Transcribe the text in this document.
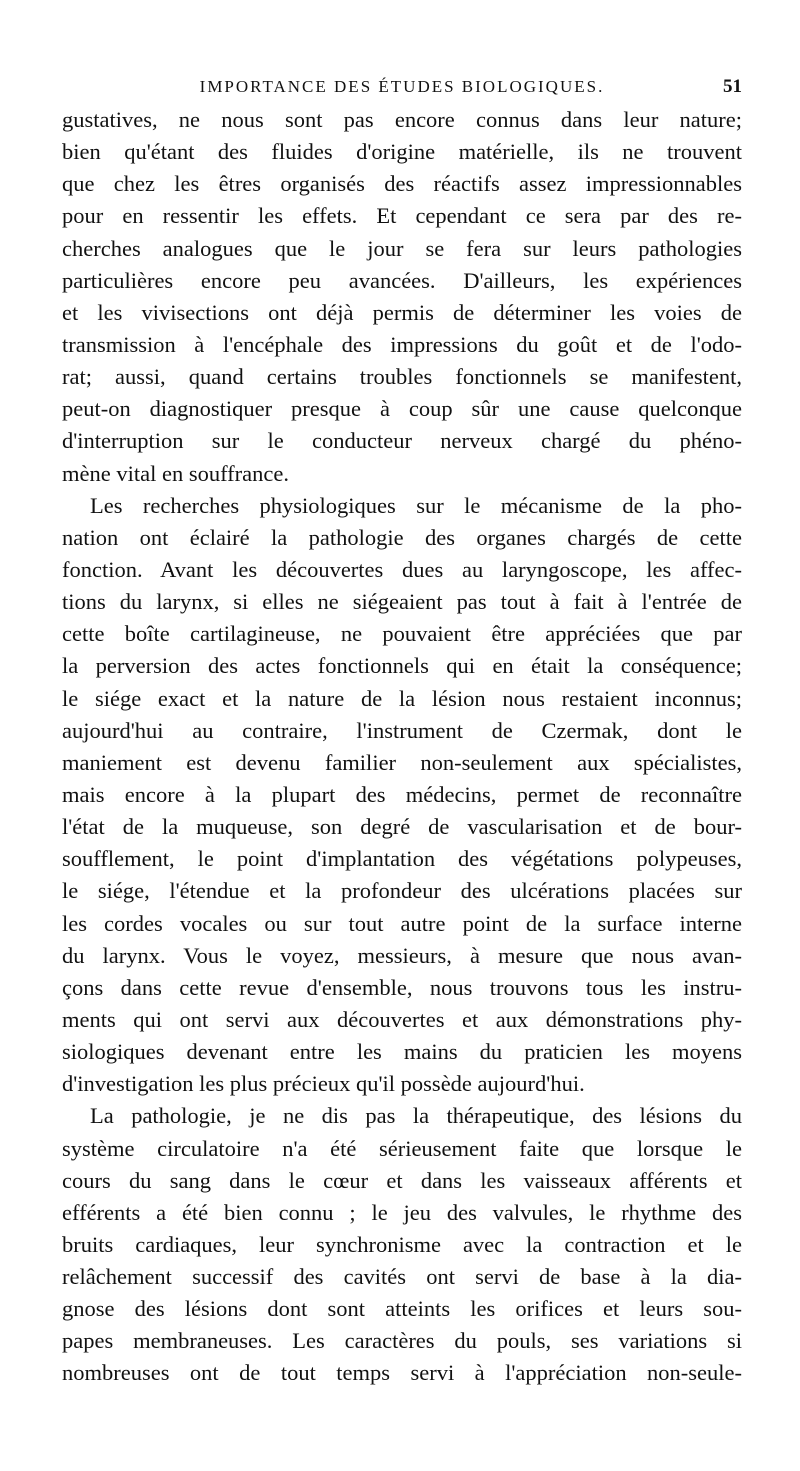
IMPORTANCE DES ÉTUDES BIOLOGIQUES.	51
gustatives, ne nous sont pas encore connus dans leur nature;
bien qu'étant des fluides d'origine matérielle, ils ne trouvent
que chez les êtres organisés des réactifs assez impressionnables
pour en ressentir les effets. Et cependant ce sera par des re-
cherches analogues que le jour se fera sur leurs pathologies
particulières encore peu avancées. D'ailleurs, les expériences
et les vivisections ont déjà permis de déterminer les voies de
transmission à l'encéphale des impressions du goût et de l'odo-
rat; aussi, quand certains troubles fonctionnels se manifestent,
peut-on diagnostiquer presque à coup sûr une cause quelconque
d'interruption sur le conducteur nerveux chargé du phéno-
mène vital en souffrance.
Les recherches physiologiques sur le mécanisme de la pho-
nation ont éclairé la pathologie des organes chargés de cette
fonction. Avant les découvertes dues au laryngoscope, les affec-
tions du larynx, si elles ne siégeaient pas tout à fait à l'entrée de
cette boîte cartilagineuse, ne pouvaient être appréciées que par
la perversion des actes fonctionnels qui en était la conséquence;
le siége exact et la nature de la lésion nous restaient inconnus;
aujourd'hui au contraire, l'instrument de Czermak, dont le
maniement est devenu familier non-seulement aux spécialistes,
mais encore à la plupart des médecins, permet de reconnaître
l'état de la muqueuse, son degré de vascularisation et de bour-
soufflement, le point d'implantation des végétations polypeuses,
le siége, l'étendue et la profondeur des ulcérations placées sur
les cordes vocales ou sur tout autre point de la surface interne
du larynx. Vous le voyez, messieurs, à mesure que nous avan-
çons dans cette revue d'ensemble, nous trouvons tous les instru-
ments qui ont servi aux découvertes et aux démonstrations phy-
siologiques devenant entre les mains du praticien les moyens
d'investigation les plus précieux qu'il possède aujourd'hui.
La pathologie, je ne dis pas la thérapeutique, des lésions du
système circulatoire n'a été sérieusement faite que lorsque le
cours du sang dans le cœur et dans les vaisseaux afférents et
efférents a été bien connu ; le jeu des valvules, le rhythme des
bruits cardiaques, leur synchronisme avec la contraction et le
relâchement successif des cavités ont servi de base à la dia-
gnose des lésions dont sont atteints les orifices et leurs sou-
papes membraneuses. Les caractères du pouls, ses variations si
nombreuses ont de tout temps servi à l'appréciation non-seule-
